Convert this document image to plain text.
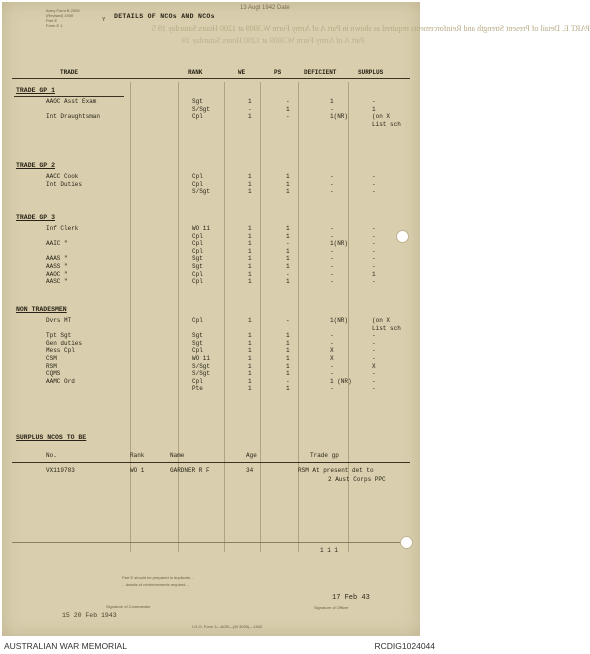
PART E. Detail of Present Strength and Reinforcements required as shown in Part A of Army Form W.3009 at 1200 Hours Saturday 19 5
Part A of Army Form W.3009 at 1200 Hours Saturday 19
Army Form B 2009
(Revised) 1939
Part E
Form E 1
Y
13 Augt 1942 Date
DETAILS OF NCOs AND NCOs
TRADE	RANK	WE	PS	DEFICIENT	SURPLUS
SURPLUS NCOS TO BE
No.	Rank	Name	Age	Trade gp
VX119783	WO 1	GARDNER R F	34	RSM At present det to
2 Aust Corps PPC
1 1 1
Part E should be prepared in duplicate…
…details of reinforcements required…
17 Feb 43
Signature of Officer
15 20 Feb 1943
Signature of Commander
I.G.O. Form 3—AGB—(W 3009)—1942
TRADE GP 1
AAOC Asst Exam	Sgt	1	-	1	-
S/Sgt	-	1	-	1
Int Draughtsman	Cpl	1	-	1(NR)	(on X
List sch
TRADE GP 2
AACC Cook	Cpl	1	1	-	-
Int Duties	Cpl	1	1	-	-
S/Sgt	1	1	-	-
TRADE GP 3
Inf Clerk	WO 11	1	1	-	-
Cpl	1	1	-	-
AAIC "	Cpl	1	-	1(NR)	-
Cpl	1	1	-	-
AAAS "	Sgt	1	1	-	-
AASS "	Sgt	1	1	-	-
AAOC "	Cpl	1	-	-	1
AASC "	Cpl	1	1	-	-
NON TRADESMEN
Dvrs MT	Cpl	1	-	1(NR)	(on X
List sch
Tpt Sgt	Sgt	1	1	-	-
Gen duties	Sgt	1	1	-	-
Mess Cpl	Cpl	1	1	X	-
CSM	WO 11	1	1	X	-
RSM	S/Sgt	1	1	-	X
CQMS	S/Sgt	1	1	-	-
AAMC Ord	Cpl	1	-	1 (NR)	-
Pte	1	1	-	-
AUSTRALIAN WAR MEMORIAL	RCDIG1024044
